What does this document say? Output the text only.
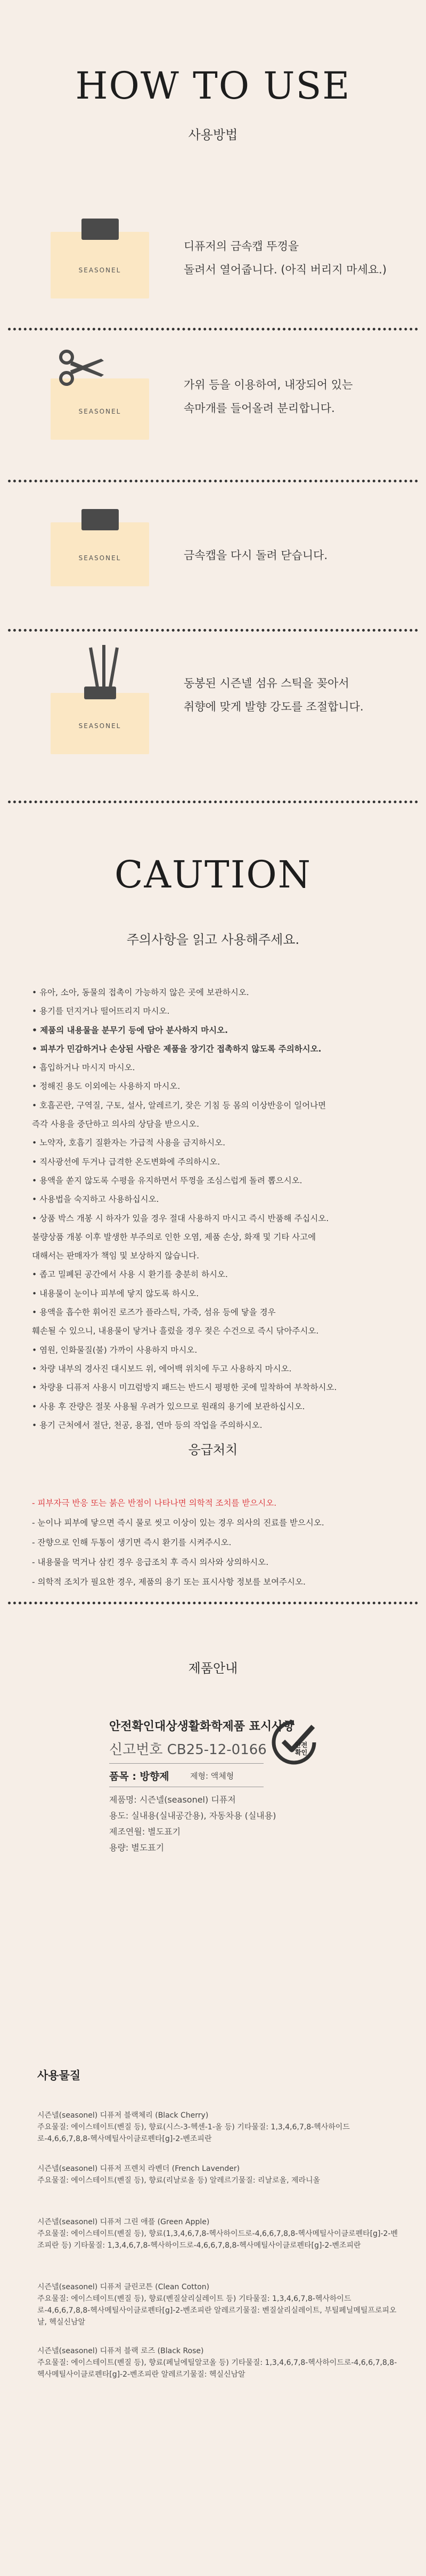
HOW TO USE
사용방법
SEASONEL
디퓨저의 금속캡 뚜껑을
돌려서 열어줍니다. (아직 버리지 마세요.)
SEASONEL
가위 등을 이용하여, 내장되어 있는
속마개를 들어올려 분리합니다.
SEASONEL	금속캡을 다시 돌려 닫습니다.
SEASONEL
동봉된 시즌넬 섬유 스틱을 꽂아서
취향에 맞게 발향 강도를 조절합니다.
CAUTION
주의사항을 읽고 사용해주세요.
• 유아, 소아, 동물의 접촉이 가능하지 않은 곳에 보관하시오.
• 용기를 던지거나 떨어뜨리지 마시오.
• 제품의 내용물을 분무기 등에 담아 분사하지 마시오.
• 피부가 민감하거나 손상된 사람은 제품을 장기간 접촉하지 않도록 주의하시오.
• 흡입하거나 마시지 마시오.
• 정해진 용도 이외에는 사용하지 마시오.
• 호흡곤란, 구역질, 구토, 설사, 알레르기, 잦은 기침 등 몸의 이상반응이 일어나면
즉각 사용을 중단하고 의사의 상담을 받으시오.
• 노약자, 호흡기 질환자는 가급적 사용을 금지하시오.
• 직사광선에 두거나 급격한 온도변화에 주의하시오.
• 용액을 쏟지 않도록 수평을 유지하면서 뚜껑을 조심스럽게 돌려 뽑으시오.
• 사용법을 숙지하고 사용하십시오.
• 상품 박스 개봉 시 하자가 있을 경우 절대 사용하지 마시고 즉시 반품해 주십시오.
불량상품 개봉 이후 발생한 부주의로 인한 오염, 제품 손상, 화재 및 기타 사고에
대해서는 판매자가 책임 및 보상하지 않습니다.
• 좁고 밀폐된 공간에서 사용 시 환기를 충분히 하시오.
• 내용물이 눈이나 피부에 닿지 않도록 하시오.
• 용액을 흡수한 휘어진 로즈가 플라스틱, 가죽, 섬유 등에 닿을 경우
훼손될 수 있으니, 내용물이 닿거나 흘렀을 경우 젖은 수건으로 즉시 닦아주시오.
• 염원, 인화물질(불) 가까이 사용하지 마시오.
• 차량 내부의 경사진 대시보드 위, 에어백 위치에 두고 사용하지 마시오.
• 차량용 디퓨저 사용시 미끄럼방지 패드는 반드시 평평한 곳에 밀착하여 부착하시오.
• 사용 후 잔량은 절못 사용될 우려가 있으므로 원래의 용기에 보관하십시오.
• 용기 근처에서 절단, 천공, 용접, 연마 등의 작업을 주의하시오.
응급처치
- 피부자극 반응 또는 붉은 반점이 나타나면 의학적 조치를 받으시오.
- 눈이나 피부에 닿으면 즉시 물로 씻고 이상이 있는 경우 의사의 진료를 받으시오.
- 잔향으로 인해 두통이 생기면 즉시 환기를 시켜주시오.
- 내용물을 먹거나 삼킨 경우 응급조치 후 즉시 의사와 상의하시오.
- 의학적 조치가 필요한 경우, 제품의 용기 또는 표시사항 정보를 보여주시오.
제품안내
안전확인대상생활화학제품 표시사항
신고번호 CB25-12-0166
품목 : 방향제	제형: 액체형
제품명: 시즌넬(seasonel) 디퓨저
용도: 실내용(실내공간용), 자동차용 (실내용)
제조연월: 별도표기
용량: 별도표기
안전
확인
사용물질
시즌넬(seasonel) 디퓨저 블랙체리 (Black Cherry)
주요물질: 에이스테이트(벤질 등), 향료(시스-3-헥센-1-올 등) 기타물질: 1,3,4,6,7,8-헥사하이드로-4,6,6,7,8,8-헥사메틸사이클로펜타[g]-2-벤조피란
시즌넬(seasonel) 디퓨저 프렌치 라벤더 (French Lavender)
주요물질: 에이스테이트(벤질 등), 향료(리날로올 등) 알레르기물질: 리날로올, 제라니올
시즌넬(seasonel) 디퓨저 그린 애플 (Green Apple)
주요물질: 에이스테이트(벤질 등), 향료(1,3,4,6,7,8-헥사하이드로-4,6,6,7,8,8-헥사메틸사이클로펜타[g]-2-벤조피란 등) 기타물질: 1,3,4,6,7,8-헥사하이드로-4,6,6,7,8,8-헥사메틸사이클로펜타[g]-2-벤조피란
시즌넬(seasonel) 디퓨저 클린코튼 (Clean Cotton)
주요물질: 에이스테이트(벤질 등), 향료(벤질살리실레이트 등) 기타물질: 1,3,4,6,7,8-헥사하이드로-4,6,6,7,8,8-헥사메틸사이클로펜타[g]-2-벤조피란 알레르기물질: 벤질살리실레이트, 부틸페닐메틸프로피오날, 헥실신남알
시즌넬(seasonel) 디퓨저 블랙 로즈 (Black Rose)
주요물질: 에이스테이트(벤질 등), 향료(페닐에틸알코올 등) 기타물질: 1,3,4,6,7,8-헥사하이드로-4,6,6,7,8,8-헥사메틸사이클로펜타[g]-2-벤조피란 알레르기물질: 헥실신남알
